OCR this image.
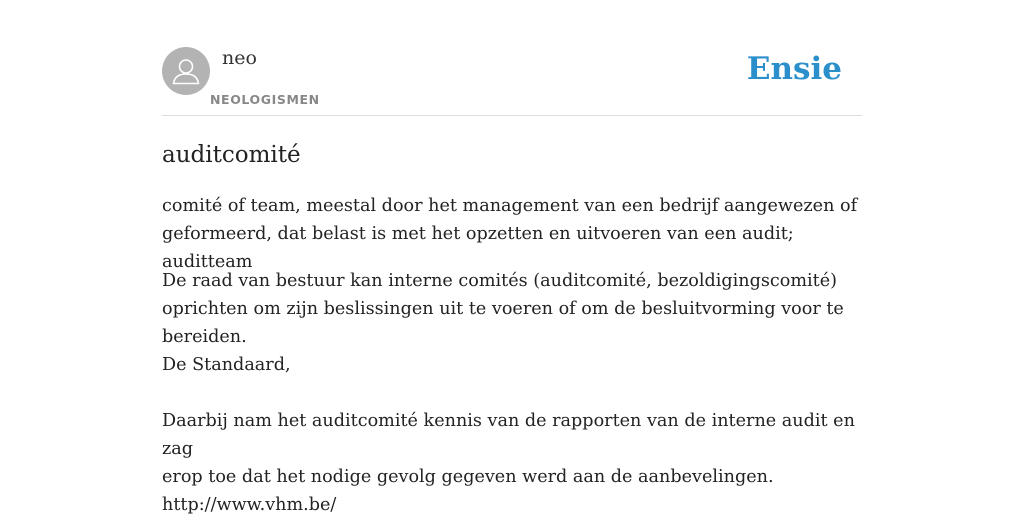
neo
NEOLOGISMEN
Ensie
auditcomité

comité of team, meestal door het management van een bedrijf aangewezen of
geformeerd, dat belast is met het opzetten en uitvoeren van een audit; auditteam

De raad van bestuur kan interne comités (auditcomité, bezoldigingscomité)
oprichten om zijn beslissingen uit te voeren of om de besluitvorming voor te
bereiden.
De Standaard,

Daarbij nam het auditcomité kennis van de rapporten van de interne audit en zag
erop toe dat het nodige gevolg gegeven werd aan de aanbevelingen.
http://www.vhm.be/
